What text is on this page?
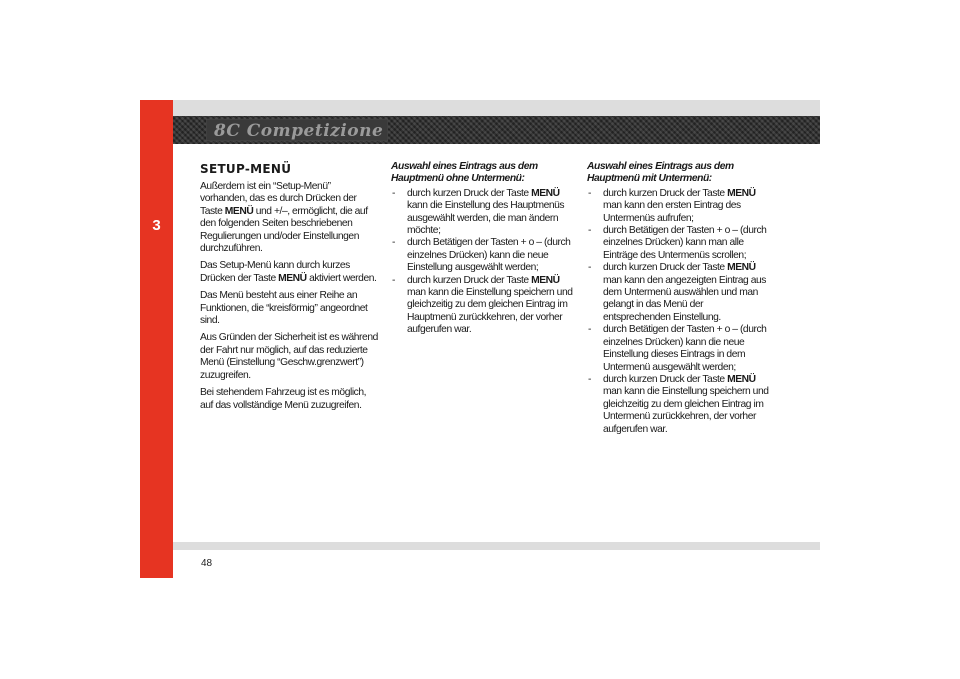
3
8C Competizione
SETUP-MENÜ

Außerdem ist ein “Setup-Menü” vorhanden, das es durch Drücken der Taste MENÜ und +/–, ermöglicht, die auf den folgenden Seiten beschriebenen Regulierungen und/oder Einstellungen durchzuführen.

Das Setup-Menü kann durch kurzes Drücken der Taste MENÜ aktiviert werden.

Das Menü besteht aus einer Reihe an Funktionen, die “kreisförmig” angeordnet sind.

Aus Gründen der Sicherheit ist es während der Fahrt nur möglich, auf das reduzierte Menü (Einstellung “Geschw.grenzwert”) zuzugreifen.

Bei stehendem Fahrzeug ist es möglich, auf das vollständige Menü zuzugreifen.

Auswahl eines Eintrags aus dem Hauptmenü ohne Untermenü:
- durch kurzen Druck der Taste MENÜ kann die Einstellung des Hauptmenüs ausgewählt werden, die man ändern möchte;
- durch Betätigen der Tasten + o – (durch einzelnes Drücken) kann die neue Einstellung ausgewählt werden;
- durch kurzen Druck der Taste MENÜ man kann die Einstellung speichern und gleichzeitig zu dem gleichen Eintrag im Hauptmenü zurückkehren, der vorher aufgerufen war.
Auswahl eines Eintrags aus dem Hauptmenü mit Untermenü:
- durch kurzen Druck der Taste MENÜ man kann den ersten Eintrag des Untermenüs aufrufen;
- durch Betätigen der Tasten + o – (durch einzelnes Drücken) kann man alle Einträge des Untermenüs scrollen;
- durch kurzen Druck der Taste MENÜ man kann den angezeigten Eintrag aus dem Untermenü auswählen und man gelangt in das Menü der entsprechenden Einstellung.
- durch Betätigen der Tasten + o – (durch einzelnes Drücken) kann die neue Einstellung dieses Eintrags in dem Untermenü ausgewählt werden;
- durch kurzen Druck der Taste MENÜ man kann die Einstellung speichern und gleichzeitig zu dem gleichen Eintrag im Untermenü zurückkehren, der vorher aufgerufen war.
48
